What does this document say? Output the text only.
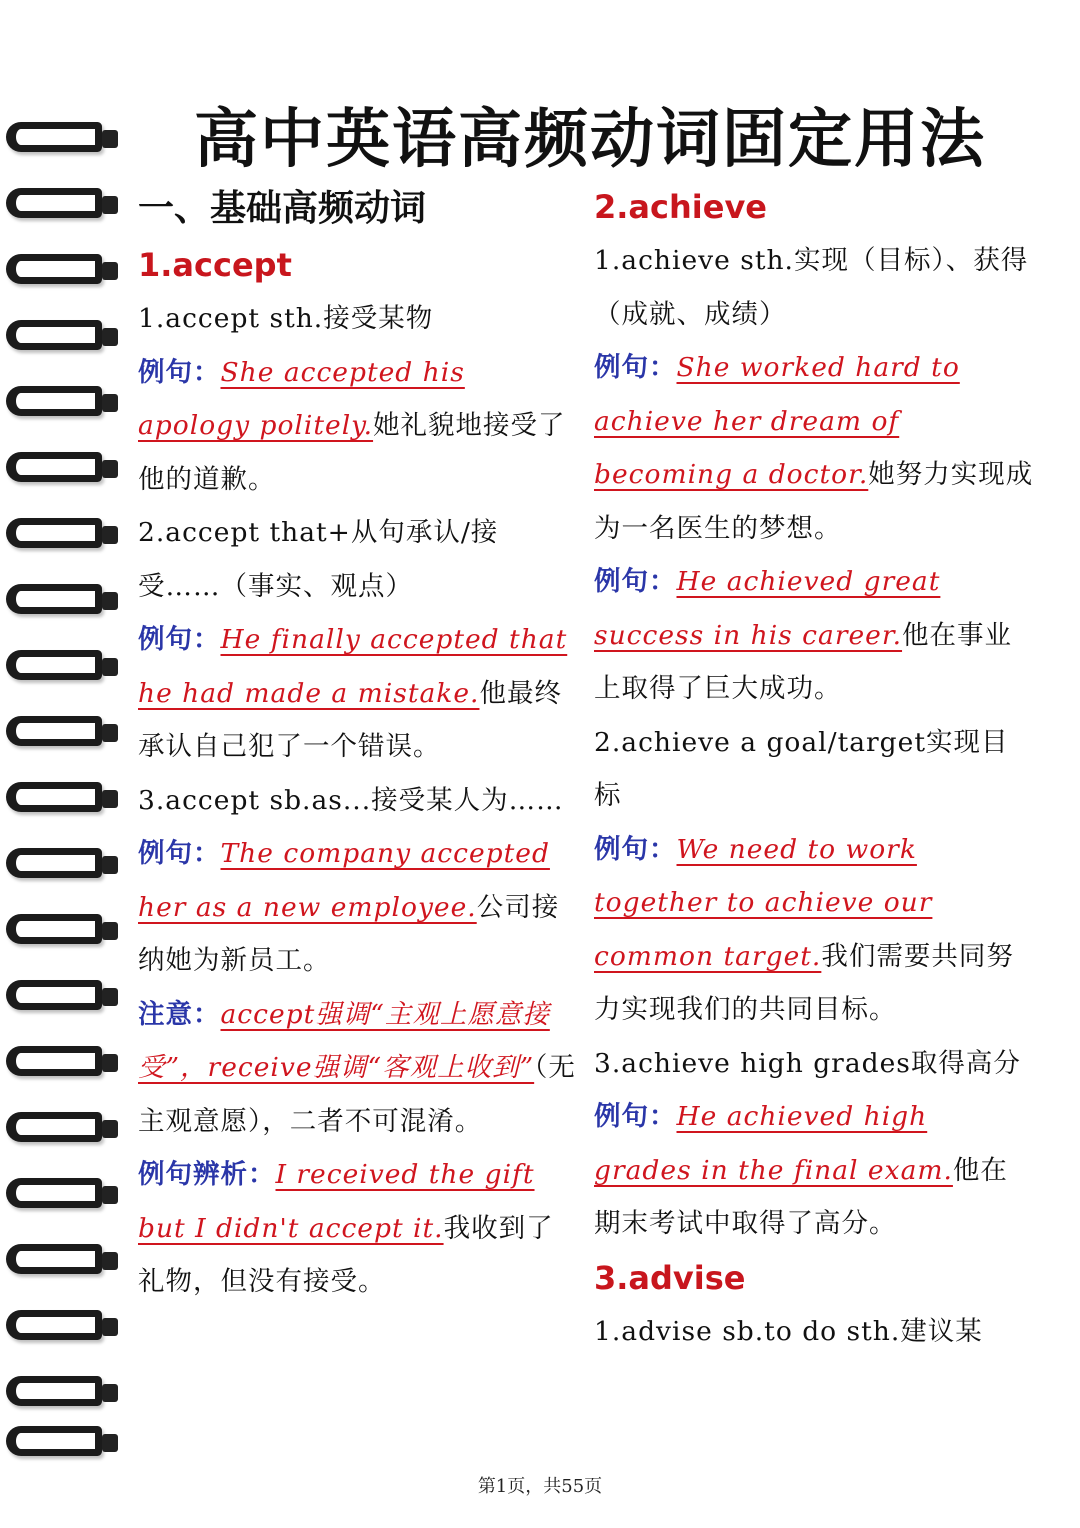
高中英语高频动词固定用法
一、基础高频动词
1.accept

1.accept sth.接受某物

例句：She accepted his apology politely.她礼貌地接受了他的道歉。

2.accept that+从句承认/接受……（事实、观点）

例句：He finally accepted that he had made a mistake.他最终承认自己犯了一个错误。

3.accept sb.as...接受某人为……

例句：The company accepted her as a new employee.公司接纳她为新员工。

注意：accept强调“主观上愿意接受”，receive强调“客观上收到”（无主观意愿），二者不可混淆。

例句辨析：I received the gift but I didn't accept it.我收到了礼物，但没有接受。

2.achieve

1.achieve sth.实现（目标）、获得（成就、成绩）

例句：She worked hard to achieve her dream of becoming a doctor.她努力实现成为一名医生的梦想。

例句：He achieved great success in his career.他在事业上取得了巨大成功。

2.achieve a goal/target实现目标

例句：We need to work together to achieve our common target.我们需要共同努力实现我们的共同目标。

3.achieve high grades取得高分

例句：He achieved high grades in the final exam.他在期末考试中取得了高分。

3.advise

1.advise sb.to do sth.建议某

第1页，共55页
